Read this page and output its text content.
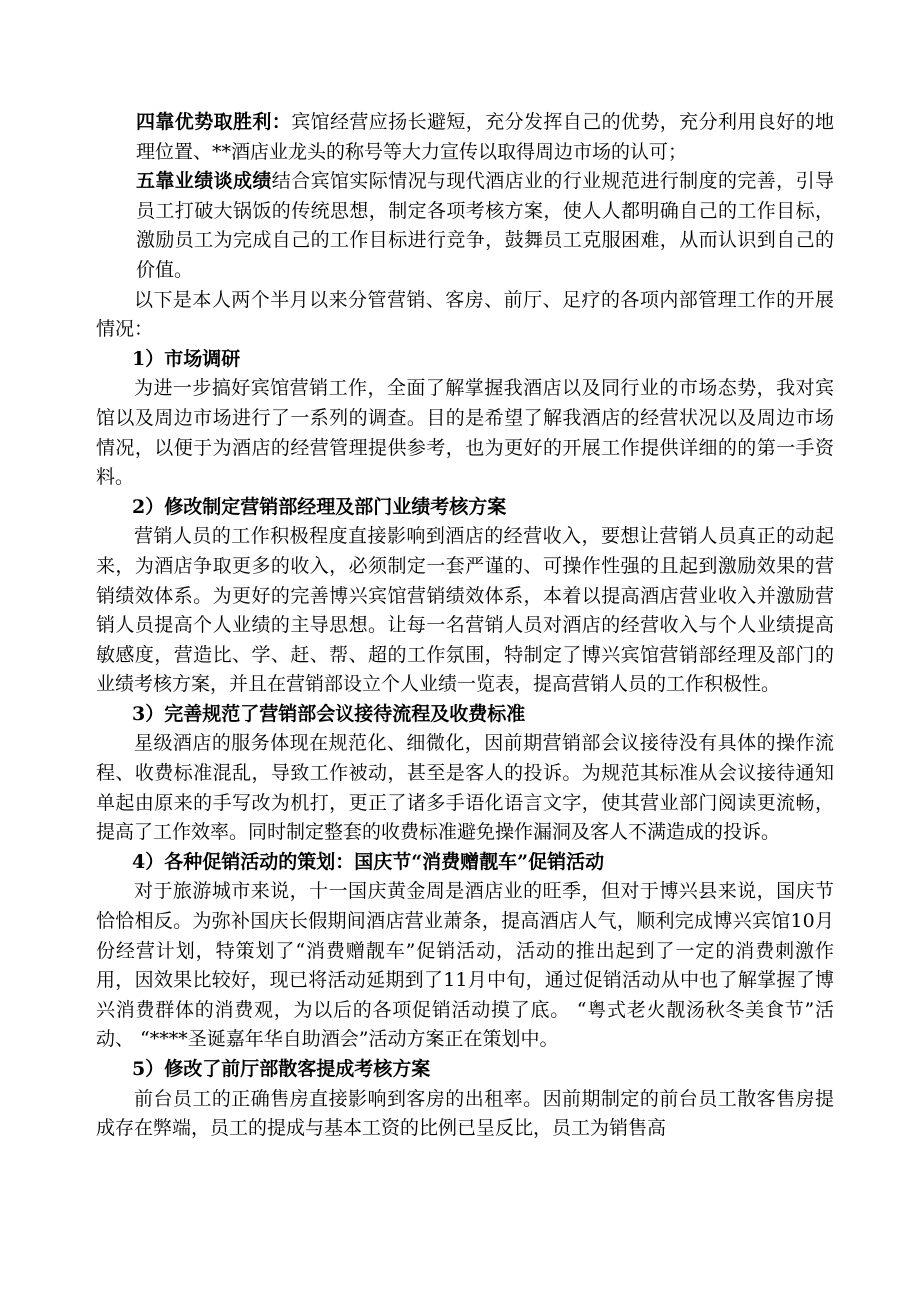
四靠优势取胜利：宾馆经营应扬长避短，充分发挥自己的优势，充分利用良好的地理位置、**酒店业龙头的称号等大力宣传以取得周边市场的认可；

五靠业绩谈成绩结合宾馆实际情况与现代酒店业的行业规范进行制度的完善，引导员工打破大锅饭的传统思想，制定各项考核方案，使人人都明确自己的工作目标，激励员工为完成自己的工作目标进行竞争，鼓舞员工克服困难，从而认识到自己的价值。

以下是本人两个半月以来分管营销、客房、前厅、足疗的各项内部管理工作的开展情况：

1）市场调研

为进一步搞好宾馆营销工作，全面了解掌握我酒店以及同行业的市场态势，我对宾馆以及周边市场进行了一系列的调查。目的是希望了解我酒店的经营状况以及周边市场情况，以便于为酒店的经营管理提供参考，也为更好的开展工作提供详细的的第一手资料。

2）修改制定营销部经理及部门业绩考核方案

营销人员的工作积极程度直接影响到酒店的经营收入，要想让营销人员真正的动起来，为酒店争取更多的收入，必须制定一套严谨的、可操作性强的且起到激励效果的营销绩效体系。为更好的完善博兴宾馆营销绩效体系，本着以提高酒店营业收入并激励营销人员提高个人业绩的主导思想。让每一名营销人员对酒店的经营收入与个人业绩提高敏感度，营造比、学、赶、帮、超的工作氛围，特制定了博兴宾馆营销部经理及部门的业绩考核方案，并且在营销部设立个人业绩一览表，提高营销人员的工作积极性。

3）完善规范了营销部会议接待流程及收费标准

星级酒店的服务体现在规范化、细微化，因前期营销部会议接待没有具体的操作流程、收费标准混乱，导致工作被动，甚至是客人的投诉。为规范其标准从会议接待通知单起由原来的手写改为机打，更正了诸多手语化语言文字，使其营业部门阅读更流畅，提高了工作效率。同时制定整套的收费标准避免操作漏洞及客人不满造成的投诉。

4）各种促销活动的策划：国庆节“消费赠靓车”促销活动

对于旅游城市来说，十一国庆黄金周是酒店业的旺季，但对于博兴县来说，国庆节恰恰相反。为弥补国庆长假期间酒店营业萧条，提高酒店人气，顺利完成博兴宾馆10月份经营计划，特策划了“消费赠靓车”促销活动，活动的推出起到了一定的消费刺激作用，因效果比较好，现已将活动延期到了11月中旬，通过促销活动从中也了解掌握了博兴消费群体的消费观，为以后的各项促销活动摸了底。 “粤式老火靓汤秋冬美食节”活动、 “****圣诞嘉年华自助酒会”活动方案正在策划中。

5）修改了前厅部散客提成考核方案

前台员工的正确售房直接影响到客房的出租率。因前期制定的前台员工散客售房提成存在弊端，员工的提成与基本工资的比例已呈反比，员工为销售高
